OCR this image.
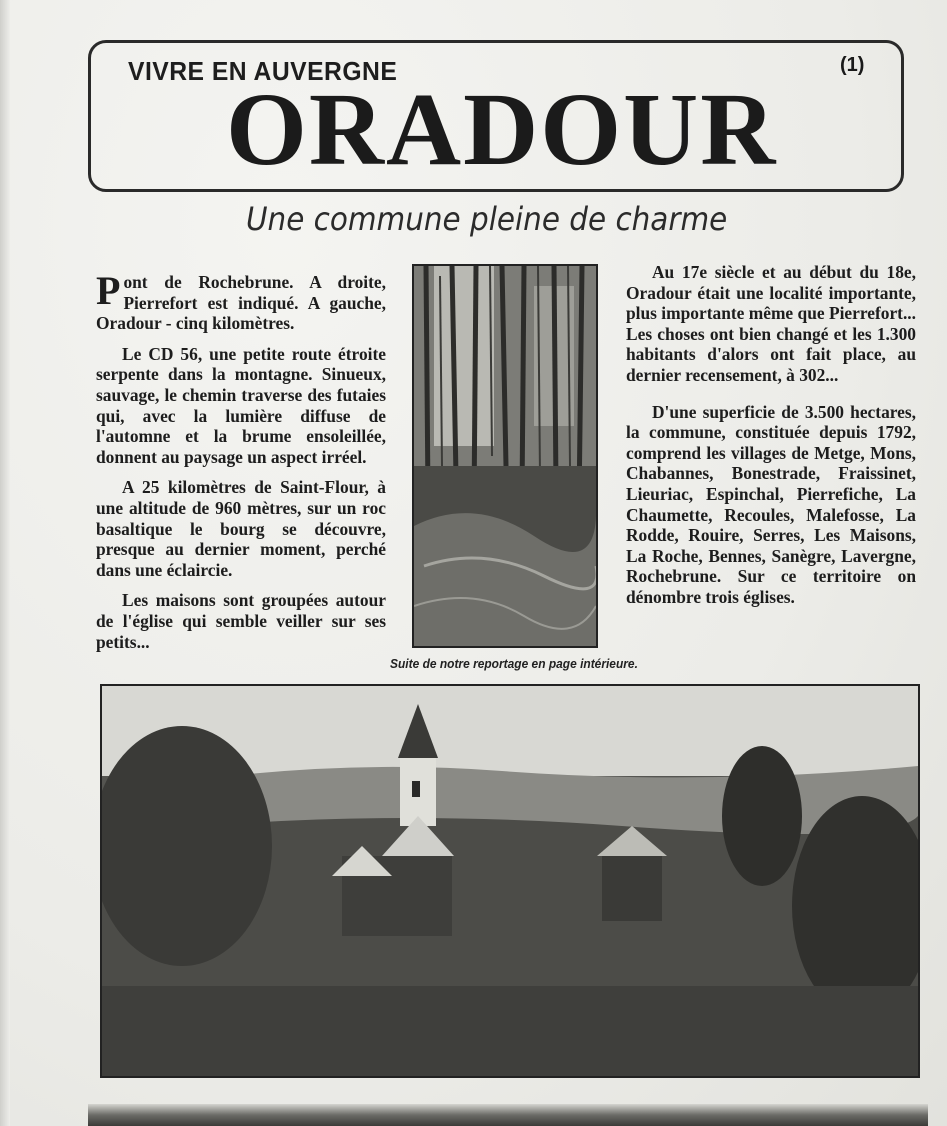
VIVRE EN AUVERGNE	(1)
ORADOUR
Une commune pleine de charme

Pont de Rochebrune. A droite, Pierrefort est indiqué. A gauche, Oradour - cinq kilomètres.

Le CD 56, une petite route étroite serpente dans la montagne. Sinueux, sauvage, le chemin traverse des futaies qui, avec la lumière diffuse de l'automne et la brume ensoleillée, donnent au paysage un aspect irréel.

A 25 kilomètres de Saint-Flour, à une altitude de 960 mètres, sur un roc basaltique le bourg se découvre, presque au dernier moment, perché dans une éclaircie.

Les maisons sont groupées autour de l'église qui semble veiller sur ses petits...

Au 17e siècle et au début du 18e, Oradour était une localité importante, plus importante même que Pierrefort... Les choses ont bien changé et les 1.300 habitants d'alors ont fait place, au dernier recensement, à 302...

D'une superficie de 3.500 hectares, la commune, constituée depuis 1792, comprend les villages de Metge, Mons, Chabannes, Bonestrade, Fraissinet, Lieuriac, Espinchal, Pierrefiche, La Chaumette, Recoules, Malefosse, La Rodde, Rouire, Serres, Les Maisons, La Roche, Bennes, Sanègre, Lavergne, Rochebrune. Sur ce territoire on dénombre trois églises.

Suite de notre reportage en page intérieure.
